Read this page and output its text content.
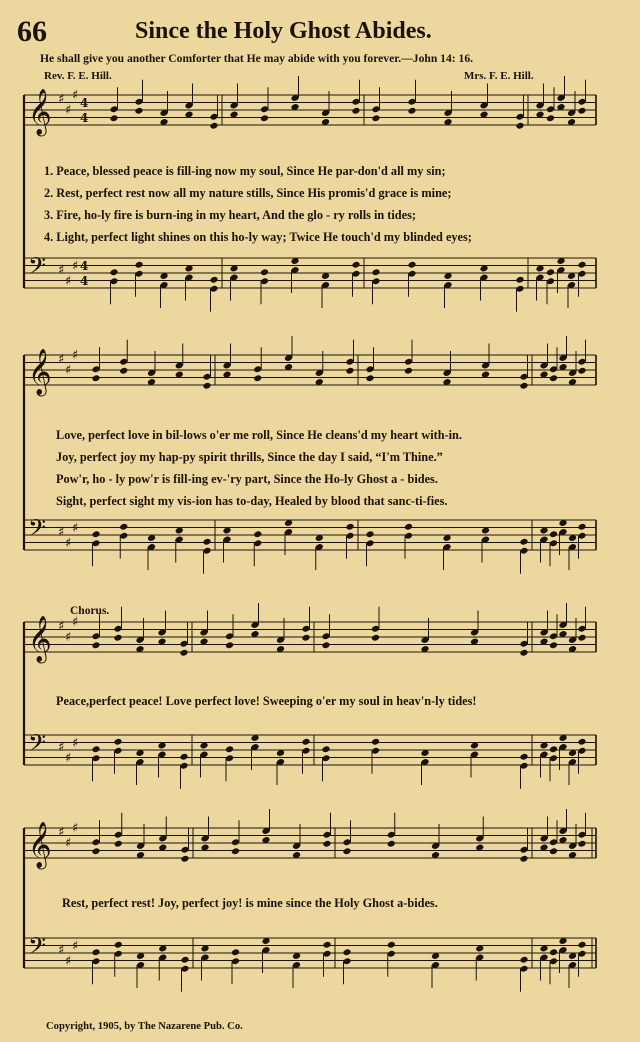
66	Since the Holy Ghost Abides.
He shall give you another Comforter that He may abide with you forever.—John 14: 16.
Rev. F. E. Hill.	Mrs. F. E. Hill.
𝄞 ♯
♯
♯ 4
4
𝄢 ♯
♯
♯ 4
4
𝄞 ♯
♯
♯
𝄢 ♯
♯
♯
𝄞 ♯
♯
♯
𝄢 ♯
♯
♯
𝄞 ♯
♯
♯
𝄢 ♯
♯
♯
1. Peace, blessed peace is fill-ing now my soul, Since He par-don'd all my sin;
2. Rest, perfect rest now all my nature stills, Since His promis'd grace is mine;
3. Fire, ho-ly fire is burn-ing in my heart, And the glo - ry rolls in tides;
4. Light, perfect light shines on this ho-ly way; Twice He touch'd my blinded eyes;
Love, perfect love in bil-lows o'er me roll, Since He cleans'd my heart with-in.
Joy, perfect joy my hap-py spirit thrills, Since the day I said, “I'm Thine.”
Pow'r, ho - ly pow'r is fill-ing ev-'ry part, Since the Ho-ly Ghost a - bides.
Sight, perfect sight my vis-ion has to-day, Healed by blood that sanc-ti-fies.
Chorus.
Peace,perfect peace! Love perfect love! Sweeping o'er my soul in heav'n-ly tides!
Rest, perfect rest! Joy, perfect joy! is mine since the Holy Ghost a-bides.
Copyright, 1905, by The Nazarene Pub. Co.
